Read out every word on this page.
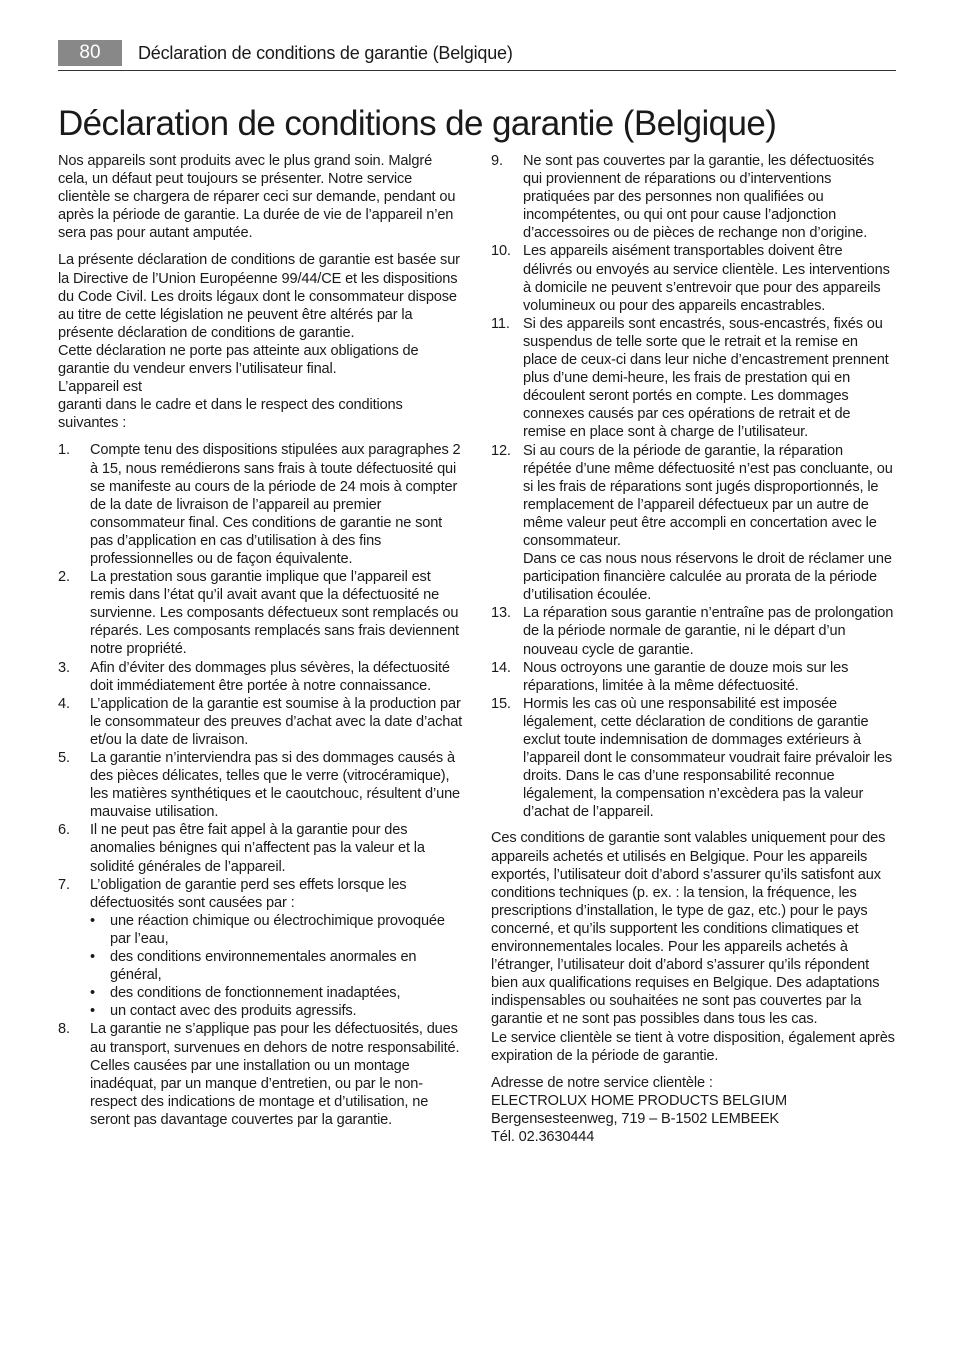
80	Déclaration de conditions de garantie (Belgique)
Déclaration de conditions de garantie (Belgique)

Nos appareils sont produits avec le plus grand soin. Malgré cela, un défaut peut toujours se présenter. Notre service clientèle se chargera de réparer ceci sur demande, pendant ou après la période de garantie. La durée de vie de l’appareil n’en sera pas pour autant amputée.

La présente déclaration de conditions de garantie est basée sur la Directive de l’Union Européenne 99/44/CE et les dispositions du Code Civil. Les droits légaux dont le consommateur dispose au titre de cette législation ne peuvent être altérés par la présente déclaration de conditions de garantie.
Cette déclaration ne porte pas atteinte aux obligations de garantie du vendeur envers l’utilisateur final.
L’appareil est
garanti dans le cadre et dans le respect des conditions suivantes :

1. Compte tenu des dispositions stipulées aux paragraphes 2 à 15, nous remédierons sans frais à toute défectuosité qui se manifeste au cours de la période de 24 mois à compter de la date de livraison de l’appareil au premier consommateur final. Ces conditions de garantie ne sont pas d’application en cas d’utilisation à des fins professionnelles ou de façon équivalente.
2. La prestation sous garantie implique que l’appareil est remis dans l’état qu’il avait avant que la défectuosité ne survienne. Les composants défectueux sont remplacés ou réparés. Les composants remplacés sans frais deviennent notre propriété.
3. Afin d’éviter des dommages plus sévères, la défectuosité doit immédiatement être portée à notre connaissance.
4. L’application de la garantie est soumise à la production par le consommateur des preuves d’achat avec la date d’achat et/ou la date de livraison.
5. La garantie n’interviendra pas si des dommages causés à des pièces délicates, telles que le verre (vitrocéramique), les matières synthétiques et le caoutchouc, résultent d’une mauvaise utilisation.
6. Il ne peut pas être fait appel à la garantie pour des anomalies bénignes qui n’affectent pas la valeur et la solidité générales de l’appareil.
7. L’obligation de garantie perd ses effets lorsque les défectuosités sont causées par :
• une réaction chimique ou électrochimique provoquée par l’eau,
• des conditions environnementales anormales en général,
• des conditions de fonctionnement inadaptées,
• un contact avec des produits agressifs.
8. La garantie ne s’applique pas pour les défectuosités, dues au transport, survenues en dehors de notre responsabilité. Celles causées par une installation ou un montage inadéquat, par un manque d’entretien, ou par le non-respect des indications de montage et d’utilisation, ne seront pas davantage couvertes par la garantie.
9. Ne sont pas couvertes par la garantie, les défectuosités qui proviennent de réparations ou d’interventions pratiquées par des personnes non qualifiées ou incompétentes, ou qui ont pour cause l’adjonction d’accessoires ou de pièces de rechange non d’origine.
10. Les appareils aisément transportables doivent être délivrés ou envoyés au service clientèle. Les interventions à domicile ne peuvent s’entrevoir que pour des appareils volumineux ou pour des appareils encastrables.
11. Si des appareils sont encastrés, sous-encastrés, fixés ou suspendus de telle sorte que le retrait et la remise en place de ceux-ci dans leur niche d’encastrement prennent plus d’une demi-heure, les frais de prestation qui en découlent seront portés en compte. Les dommages connexes causés par ces opérations de retrait et de remise en place sont à charge de l’utilisateur.
12. Si au cours de la période de garantie, la réparation répétée d’une même défectuosité n’est pas concluante, ou si les frais de réparations sont jugés disproportionnés, le remplacement de l’appareil défectueux par un autre de même valeur peut être accompli en concertation avec le consommateur.
Dans ce cas nous nous réservons le droit de réclamer une participation financière calculée au prorata de la période d’utilisation écoulée.
13. La réparation sous garantie n’entraîne pas de prolongation de la période normale de garantie, ni le départ d’un nouveau cycle de garantie.
14. Nous octroyons une garantie de douze mois sur les réparations, limitée à la même défectuosité.
15. Hormis les cas où une responsabilité est imposée légalement, cette déclaration de conditions de garantie exclut toute indemnisation de dommages extérieurs à l’appareil dont le consommateur voudrait faire prévaloir les droits. Dans le cas d’une responsabilité reconnue légalement, la compensation n’excèdera pas la valeur d’achat de l’appareil.

Ces conditions de garantie sont valables uniquement pour des appareils achetés et utilisés en Belgique. Pour les appareils exportés, l’utilisateur doit d’abord s’assurer qu’ils satisfont aux conditions techniques (p. ex. : la tension, la fréquence, les prescriptions d’installation, le type de gaz, etc.) pour le pays concerné, et qu’ils supportent les conditions climatiques et environnementales locales. Pour les appareils achetés à l’étranger, l’utilisateur doit d’abord s’assurer qu’ils répondent bien aux qualifications requises en Belgique. Des adaptations indispensables ou souhaitées ne sont pas couvertes par la garantie et ne sont pas possibles dans tous les cas.
Le service clientèle se tient à votre disposition, également après expiration de la période de garantie.

Adresse de notre service clientèle :
ELECTROLUX HOME PRODUCTS BELGIUM
Bergensesteenweg, 719 – B-1502 LEMBEEK
Tél. 02.3630444
